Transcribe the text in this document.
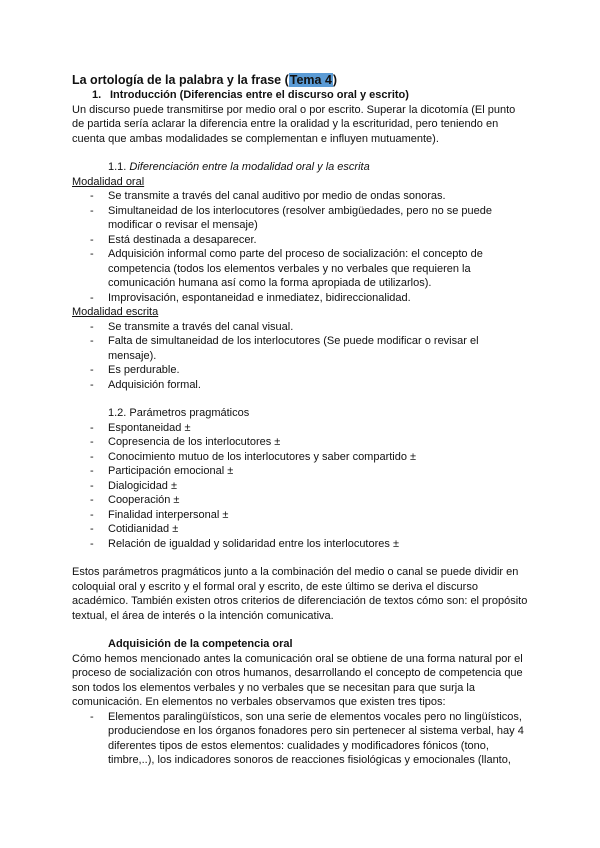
La ortología de la palabra y la frase (Tema 4)

1. Introducción (Diferencias entre el discurso oral y escrito)

Un discurso puede transmitirse por medio oral o por escrito. Superar la dicotomía (El punto de partida sería aclarar la diferencia entre la oralidad y la escrituridad, pero teniendo en cuenta que ambas modalidades se complementan e influyen mutuamente).

1.1. Diferenciación entre la modalidad oral y la escrita

Modalidad oral

- Se transmite a través del canal auditivo por medio de ondas sonoras.
- Simultaneidad de los interlocutores (resolver ambigüedades, pero no se puede modificar o revisar el mensaje)
- Está destinada a desaparecer.
- Adquisición informal como parte del proceso de socialización: el concepto de competencia (todos los elementos verbales y no verbales que requieren la comunicación humana así como la forma apropiada de utilizarlos).
- Improvisación, espontaneidad e inmediatez, bidireccionalidad.

Modalidad escrita

- Se transmite a través del canal visual.
- Falta de simultaneidad de los interlocutores (Se puede modificar o revisar el mensaje).
- Es perdurable.
- Adquisición formal.

1.2. Parámetros pragmáticos

- Espontaneidad ±
- Copresencia de los interlocutores ±
- Conocimiento mutuo de los interlocutores y saber compartido ±
- Participación emocional ±
- Dialogicidad ±
- Cooperación ±
- Finalidad interpersonal ±
- Cotidianidad ±
- Relación de igualdad y solidaridad entre los interlocutores ±

Estos parámetros pragmáticos junto a la combinación del medio o canal se puede dividir en coloquial oral y escrito y el formal oral y escrito, de este último se deriva el discurso académico. También existen otros criterios de diferenciación de textos cómo son: el propósito textual, el área de interés o la intención comunicativa.

Adquisición de la competencia oral

Cómo hemos mencionado antes la comunicación oral se obtiene de una forma natural por el proceso de socialización con otros humanos, desarrollando el concepto de competencia que son todos los elementos verbales y no verbales que se necesitan para que surja la comunicación. En elementos no verbales observamos que existen tres tipos:

- Elementos paralingüísticos, son una serie de elementos vocales pero no lingüísticos, produciendose en los órganos fonadores pero sin pertenecer al sistema verbal, hay 4 diferentes tipos de estos elementos: cualidades y modificadores fónicos (tono, timbre,..), los indicadores sonoros de reacciones fisiológicas y emocionales (llanto,
